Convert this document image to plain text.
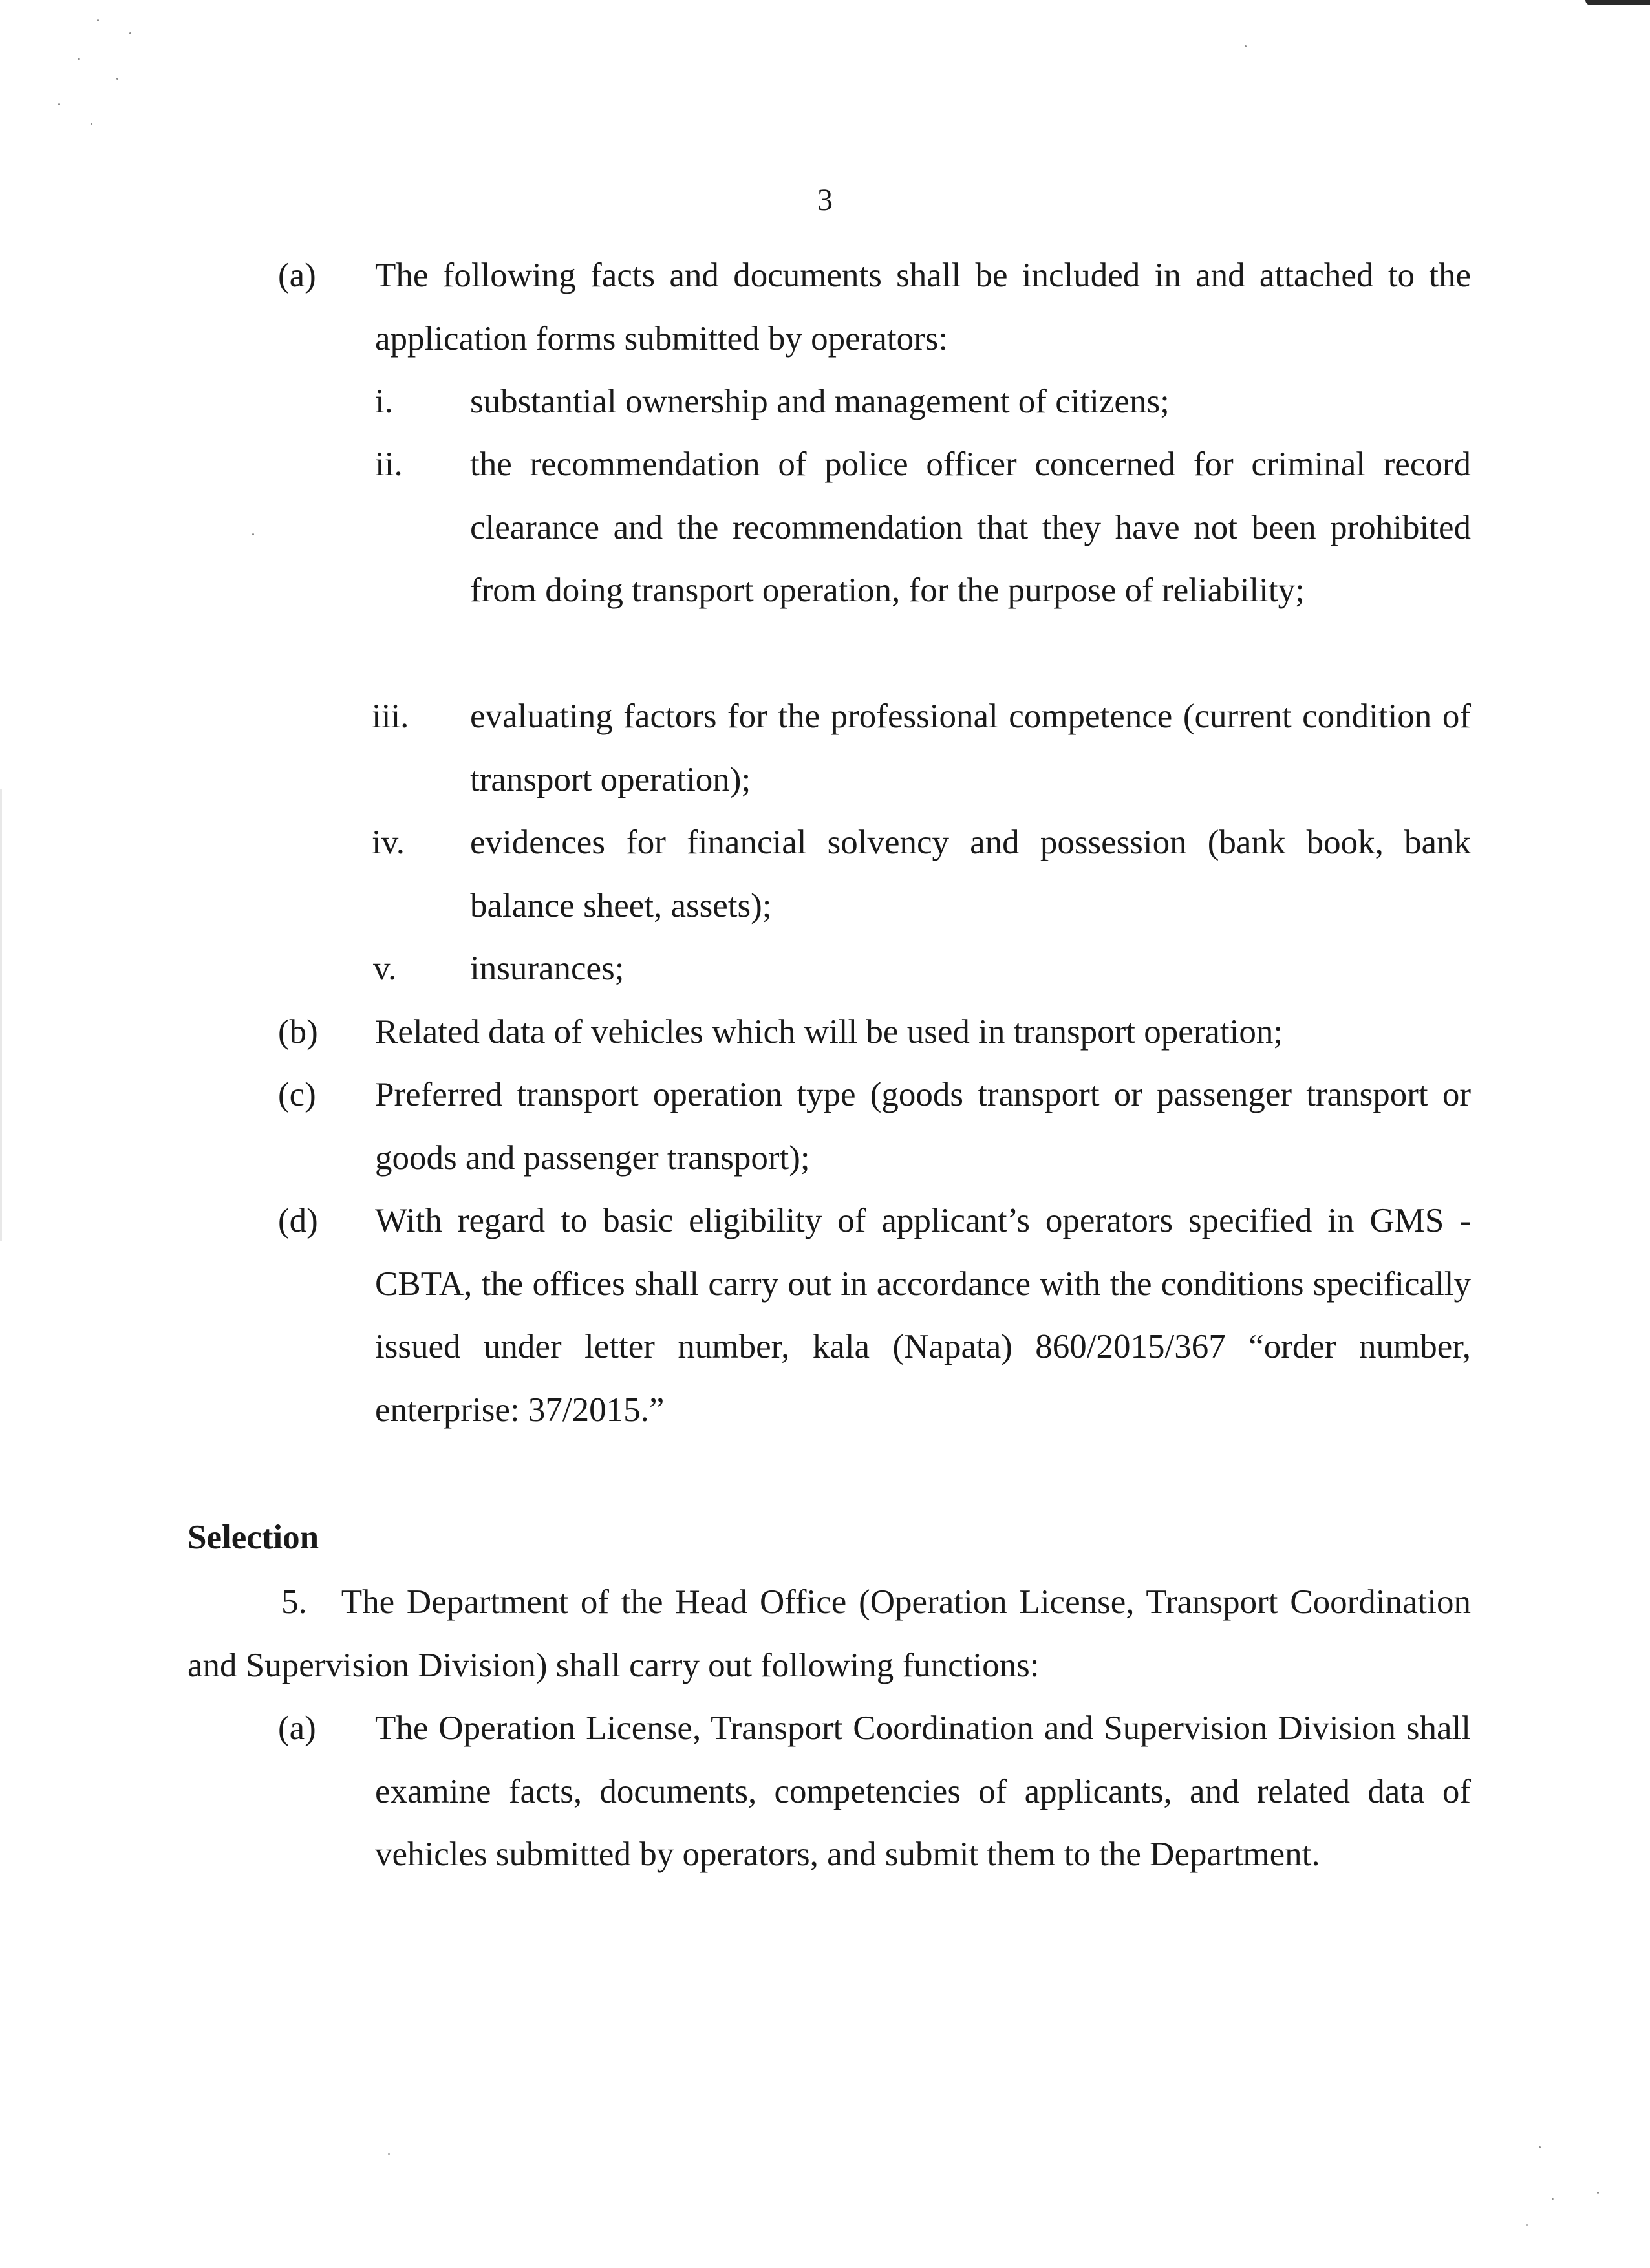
3
(a) The following facts and documents shall be included in and attached to the application forms submitted by operators:
i. substantial ownership and management of citizens;
ii. the recommendation of police officer concerned for criminal record clearance and the recommendation that they have not been prohibited from doing transport operation, for the purpose of reliability;
iii. evaluating factors for the professional competence (current condition of transport operation);
iv. evidences for financial solvency and possession (bank book, bank balance sheet, assets);
v. insurances;
(b) Related data of vehicles which will be used in transport operation;
(c) Preferred transport operation type (goods transport or passenger transport or goods and passenger transport);
(d) With regard to basic eligibility of applicant’s operators specified in GMS - CBTA, the offices shall carry out in accordance with the conditions specifically issued under letter number, kala (Napata) 860/2015/367 “order number, enterprise: 37/2015.”
Selection
5. The Department of the Head Office (Operation License, Transport Coordination and Supervision Division) shall carry out following functions:
(a) The Operation License, Transport Coordination and Supervision Division shall examine facts, documents, competencies of applicants, and related data of vehicles submitted by operators, and submit them to the Department.
